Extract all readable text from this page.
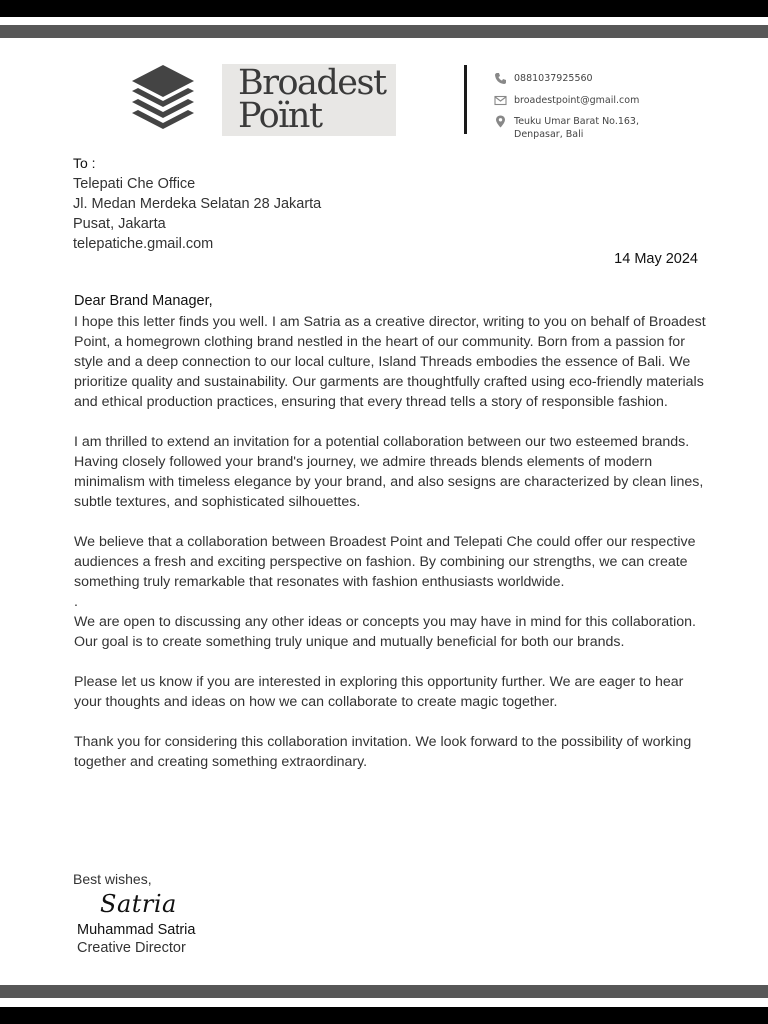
Broadest
Poïnt
0881037925560
broadestpoint@gmail.com
Teuku Umar Barat No.163,
Denpasar, Bali
To :
Telepati Che Office
Jl. Medan Merdeka Selatan 28 Jakarta
Pusat, Jakarta
telepatiche.gmail.com
14 May 2024
Dear Brand Manager,

I hope this letter finds you well. I am Satria as a creative director, writing to you on behalf of Broadest Point, a homegrown clothing brand nestled in the heart of our community. Born from a passion for style and a deep connection to our local culture, Island Threads embodies the essence of Bali. We prioritize quality and sustainability. Our garments are thoughtfully crafted using eco-friendly materials and ethical production practices, ensuring that every thread tells a story of responsible fashion.

I am thrilled to extend an invitation for a potential collaboration between our two esteemed brands. Having closely followed your brand's journey, we admire threads blends elements of modern minimalism with timeless elegance by your brand, and also sesigns are characterized by clean lines, subtle textures, and sophisticated silhouettes.

We believe that a collaboration between Broadest Point and Telepati Che could offer our respective audiences a fresh and exciting perspective on fashion. By combining our strengths, we can create something truly remarkable that resonates with fashion enthusiasts worldwide.

.

We are open to discussing any other ideas or concepts you may have in mind for this collaboration. Our goal is to create something truly unique and mutually beneficial for both our brands.

Please let us know if you are interested in exploring this opportunity further. We are eager to hear your thoughts and ideas on how we can collaborate to create magic together.

Thank you for considering this collaboration invitation. We look forward to the possibility of working together and creating something extraordinary.

Best wishes,
Satria
Muhammad Satria
Creative Director
